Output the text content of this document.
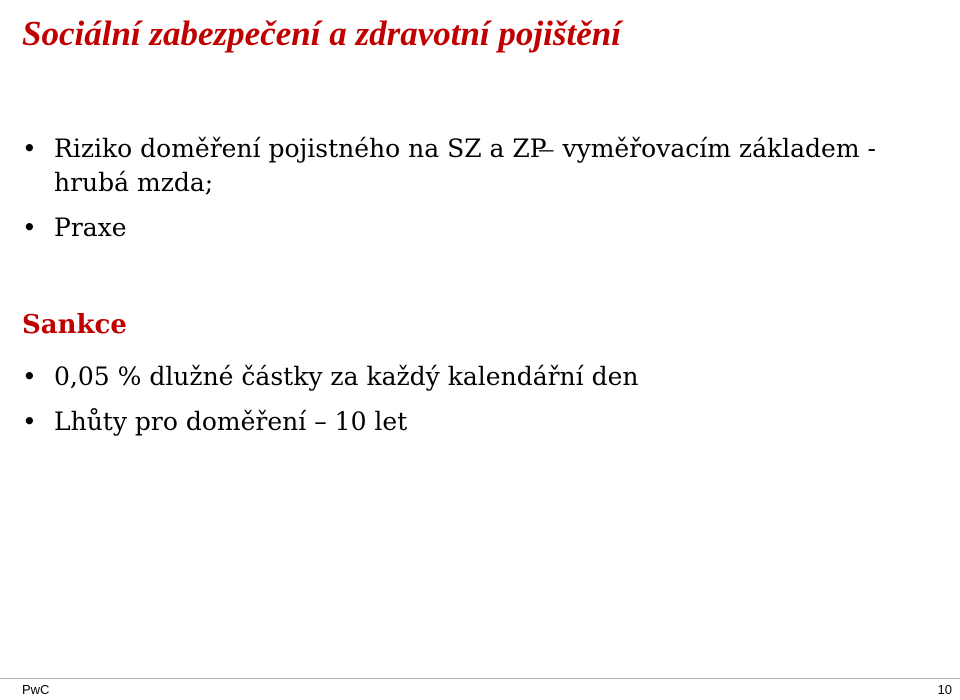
Sociální zabezpečení a zdravotní pojištění
• Riziko doměření pojistného na SZ a ZP ̶ vyměřovacím základem - hrubá mzda;
• Praxe
Sankce
• 0,05 % dlužné částky za každý kalendářní den
• Lhůty pro doměření – 10 let
PwC	10
